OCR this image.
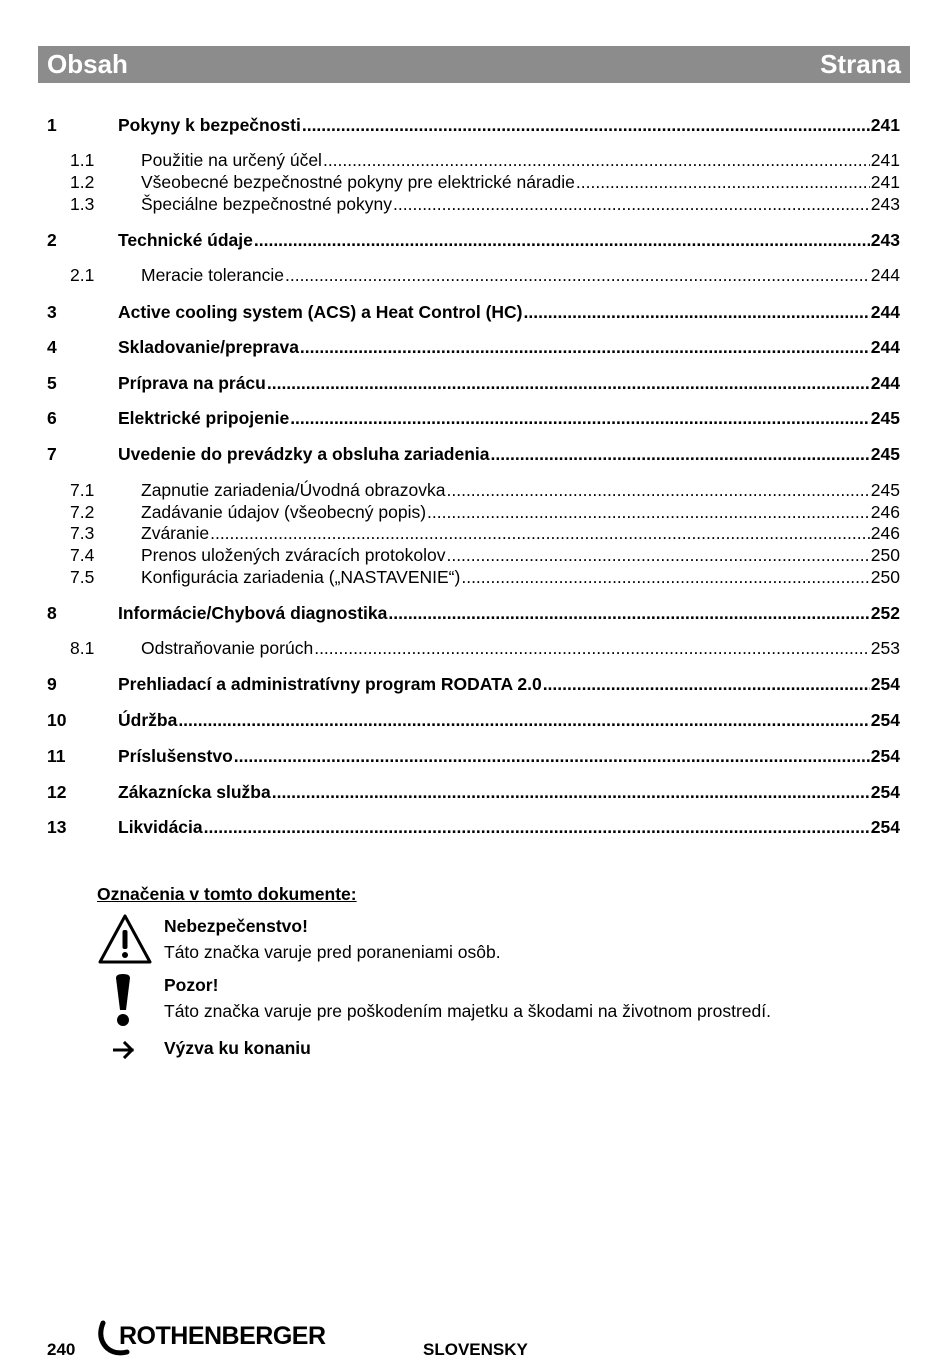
Obsah	Strana
1	Pokyny k bezpečnosti .....	241
1.1	Použitie na určený účel .....	241
1.2	Všeobecné bezpečnostné pokyny pre elektrické náradie .....	241
1.3	Špeciálne bezpečnostné pokyny .....	243
2	Technické údaje .....	243
2.1	Meracie tolerancie .....	244
3	Active cooling system (ACS) a Heat Control (HC) .....	244
4	Skladovanie/preprava .....	244
5	Príprava na prácu .....	244
6	Elektrické pripojenie .....	245
7	Uvedenie do prevádzky a obsluha zariadenia .....	245
7.1	Zapnutie zariadenia/Úvodná obrazovka .....	245
7.2	Zadávanie údajov (všeobecný popis) .....	246
7.3	Zváranie .....	246
7.4	Prenos uložených zváracích protokolov .....	250
7.5	Konfigurácia zariadenia („NASTAVENIE“) .....	250
8	Informácie/Chybová diagnostika .....	252
8.1	Odstraňovanie porúch .....	253
9	Prehliadací a administratívny program RODATA 2.0 .....	254
10	Údržba .....	254
11	Príslušenstvo .....	254
12	Zákaznícka služba .....	254
13	Likvidácia .....	254
Označenia v tomto dokumente:
Nebezpečenstvo!
Táto značka varuje pred poraneniami osôb.
Pozor!
Táto značka varuje pre poškodením majetku a škodami na životnom prostredí.
Výzva ku konaniu
240 ROTHENBERGER	SLOVENSKY
